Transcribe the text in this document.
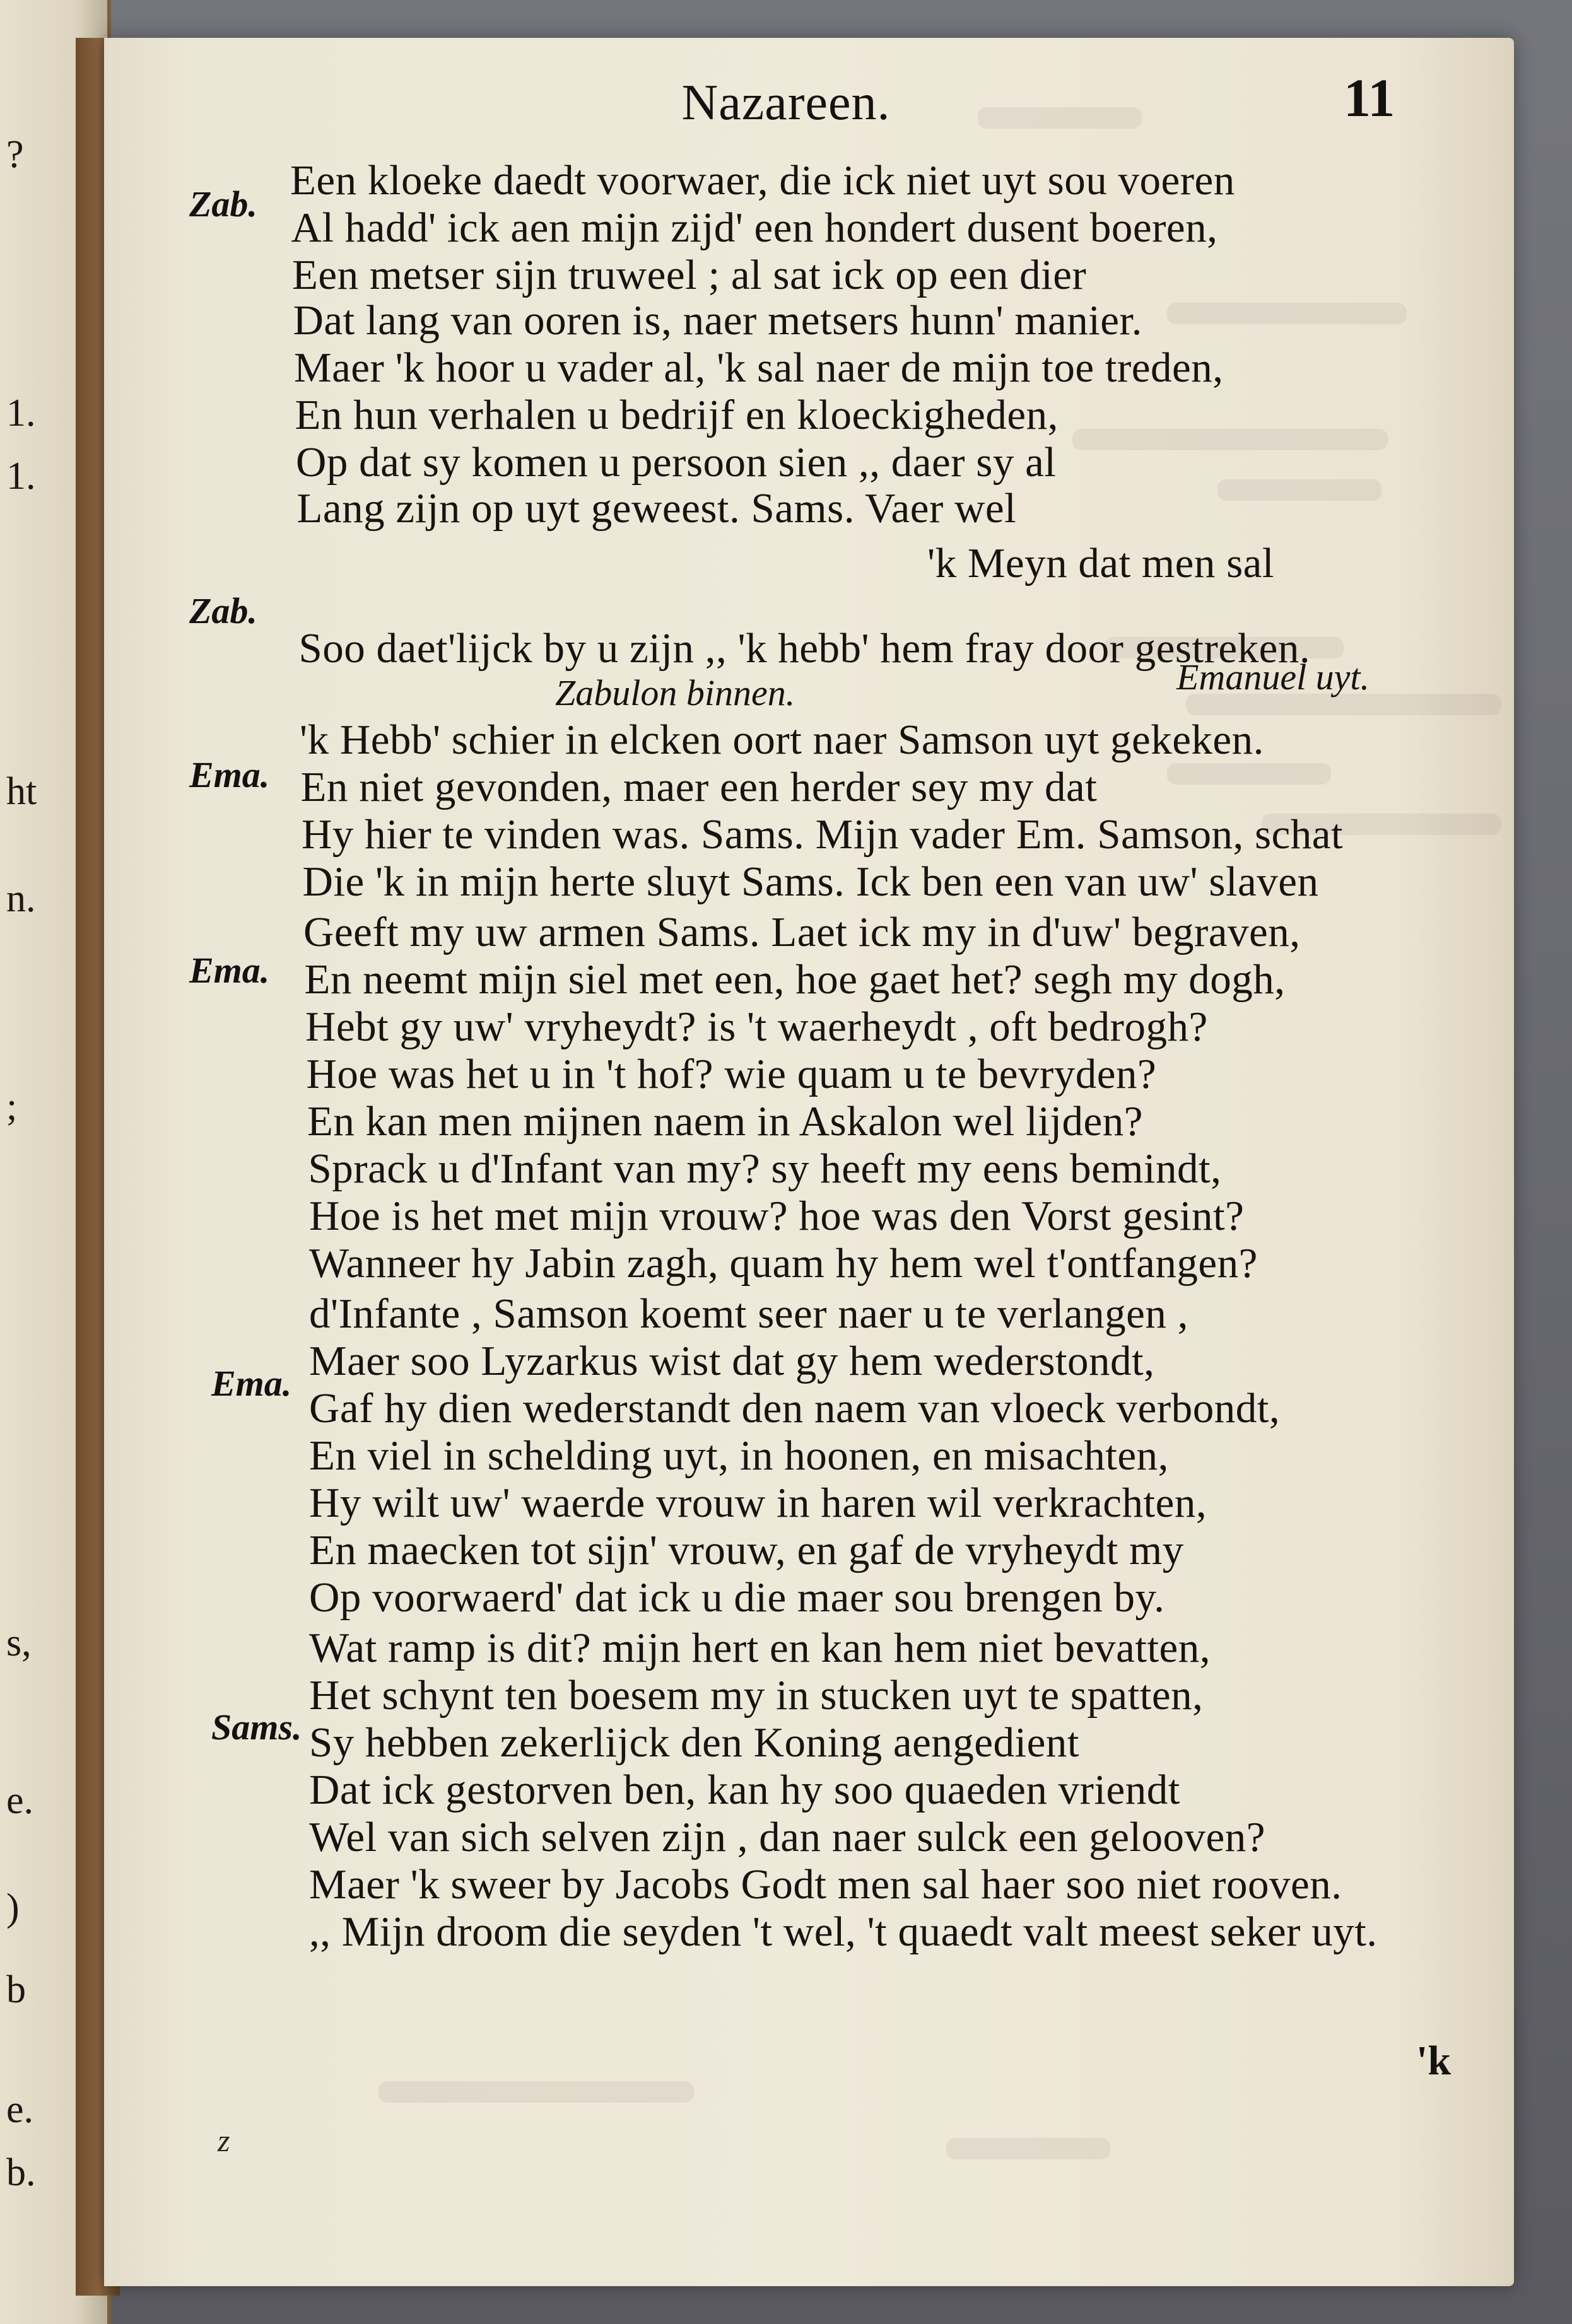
?
1.
1.
ht
n.
;
s,
e.
)
b
e.
b.
Nazareen.	11
Een kloeke daedt voorwaer, die ick niet uyt sou voeren
Zab.
Al hadd' ick aen mijn zijd' een hondert dusent boeren,
Een metser sijn truweel ; al sat ick op een dier
Dat lang van ooren is, naer metsers hunn' manier.
Maer 'k hoor u vader al, 'k sal naer de mijn toe treden,
En hun verhalen u bedrijf en kloeckigheden,
Op dat sy komen u persoon sien ,, daer sy al
Lang zijn op uyt geweest. Sams. Vaer wel
'k Meyn dat men sal
Soo daet'lijck by u zijn ,, 'k hebb' hem fray door gestreken.
Zab.
'k Hebb' schier in elcken oort naer Samson uyt gekeken.
Ema. En niet gevonden, maer een herder sey my dat
Hy hier te vinden was. Sams. Mijn vader Em. Samson, schat
Die 'k in mijn herte sluyt Sams. Ick ben een van uw' slaven
Geeft my uw armen Sams. Laet ick my in d'uw' begraven,
Ema. En neemt mijn siel met een, hoe gaet het? segh my dogh,
Hebt gy uw' vryheydt? is 't waerheydt , oft bedrogh?
Hoe was het u in 't hof? wie quam u te bevryden?
En kan men mijnen naem in Askalon wel lijden?
Sprack u d'Infant van my? sy heeft my eens bemindt,
Hoe is het met mijn vrouw? hoe was den Vorst gesint?
Wanneer hy Jabin zagh, quam hy hem wel t'ontfangen?
d'Infante , Samson koemt seer naer u te verlangen ,
Ema. Maer soo Lyzarkus wist dat gy hem wederstondt,
Gaf hy dien wederstandt den naem van vloeck verbondt,
En viel in schelding uyt, in hoonen, en misachten,
Hy wilt uw' waerde vrouw in haren wil verkrachten,
En maecken tot sijn' vrouw, en gaf de vryheydt my
Op voorwaerd' dat ick u die maer sou brengen by.
Wat ramp is dit? mijn hert en kan hem niet bevatten,
Sams.
Het schynt ten boesem my in stucken uyt te spatten,
Sy hebben zekerlijck den Koning aengedient
Dat ick gestorven ben, kan hy soo quaeden vriendt
Wel van sich selven zijn , dan naer sulck een gelooven?
Maer 'k sweer by Jacobs Godt men sal haer soo niet rooven.
,, Mijn droom die seyden 't wel, 't quaedt valt meest seker uyt.
Zabulon binnen.	Emanuel uyt.
'k
z
